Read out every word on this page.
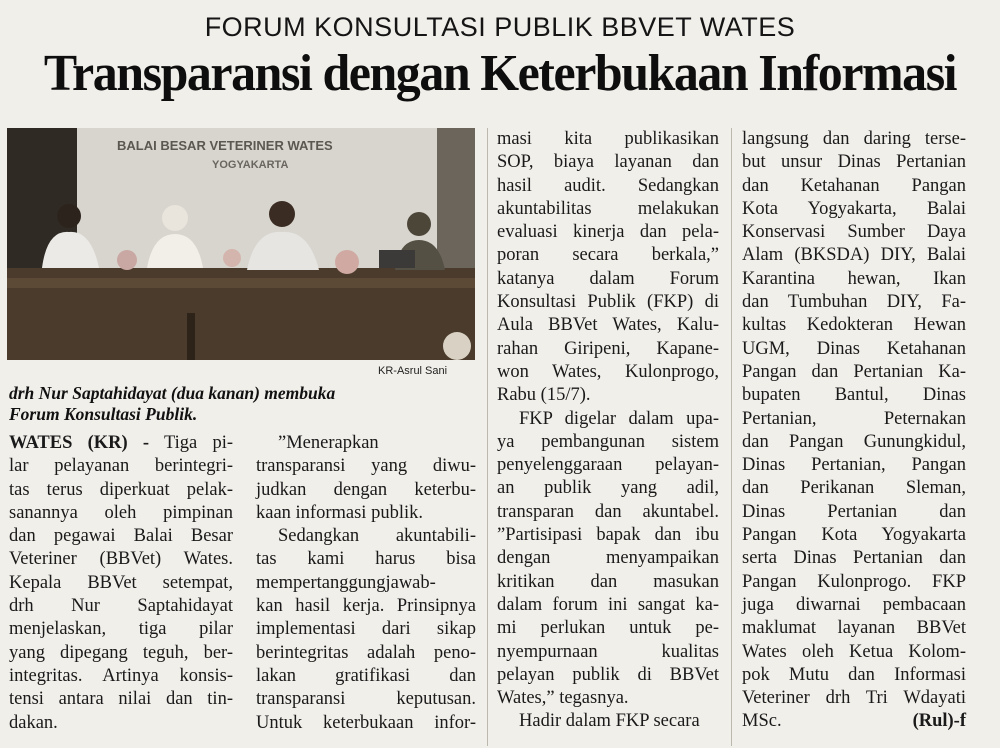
FORUM KONSULTASI PUBLIK BBVET WATES
Transparansi dengan Keterbukaan Informasi
BALAI BESAR VETERINER WATES
YOGYAKARTA
KR-Asrul Sani
drh Nur Saptahidayat (dua kanan) membuka
Forum Konsultasi Publik.
WATES (KR) - Tiga pi-
lar pelayanan berintegri-
tas terus diperkuat pelak-
sanannya oleh pimpinan
dan pegawai Balai Besar
Veteriner (BBVet) Wates.
Kepala BBVet setempat,
drh Nur Saptahidayat
menjelaskan, tiga pilar
yang dipegang teguh, ber-
integritas. Artinya konsis-
tensi antara nilai dan tin-
dakan.
”Menerapkan
transparansi yang diwu-
judkan dengan keterbu-
kaan informasi publik.
Sedangkan akuntabili-
tas kami harus bisa
mempertanggungjawab-
kan hasil kerja. Prinsipnya
implementasi dari sikap
berintegritas adalah peno-
lakan gratifikasi dan
transparansi keputusan.
Untuk keterbukaan infor-
masi kita publikasikan
SOP, biaya layanan dan
hasil audit. Sedangkan
akuntabilitas melakukan
evaluasi kinerja dan pela-
poran secara berkala,”
katanya dalam Forum
Konsultasi Publik (FKP) di
Aula BBVet Wates, Kalu-
rahan Giripeni, Kapane-
won Wates, Kulonprogo,
Rabu (15/7).
FKP digelar dalam upa-
ya pembangunan sistem
penyelenggaraan pelayan-
an publik yang adil,
transparan dan akuntabel.
”Partisipasi bapak dan ibu
dengan menyampaikan
kritikan dan masukan
dalam forum ini sangat ka-
mi perlukan untuk pe-
nyempurnaan kualitas
pelayan publik di BBVet
Wates,” tegasnya.
Hadir dalam FKP secara
langsung dan daring terse-
but unsur Dinas Pertanian
dan Ketahanan Pangan
Kota Yogyakarta, Balai
Konservasi Sumber Daya
Alam (BKSDA) DIY, Balai
Karantina hewan, Ikan
dan Tumbuhan DIY, Fa-
kultas Kedokteran Hewan
UGM, Dinas Ketahanan
Pangan dan Pertanian Ka-
bupaten Bantul, Dinas
Pertanian, Peternakan
dan Pangan Gunungkidul,
Dinas Pertanian, Pangan
dan Perikanan Sleman,
Dinas Pertanian dan
Pangan Kota Yogyakarta
serta Dinas Pertanian dan
Pangan Kulonprogo. FKP
juga diwarnai pembacaan
maklumat layanan BBVet
Wates oleh Ketua Kolom-
pok Mutu dan Informasi
Veteriner drh Tri Wdayati
MSc.	(Rul)-f
